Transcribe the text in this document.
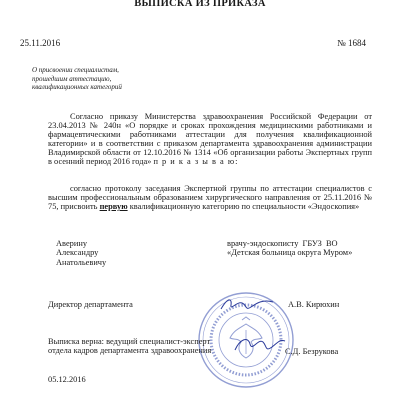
ВЫПИСКА ИЗ ПРИКАЗА
25.11.2016	№ 1684
О присвоении специалистам,
прошедшим аттестацию,
квалификационных категорий
Согласно приказу Министерства здравоохранения Российской Федерации от 23.04.2013 № 240н «О порядке и сроках прохождения медицинскими работниками и фармацевтическими работниками аттестации для получения квалификационной категории» и в соответствии с приказом департамента здравоохранения администрации Владимирской области от 12.10.2016 № 1314 «Об организации работы Экспертных групп в осенний период 2016 года» п р и к а з ы в а ю:
согласно протоколу заседания Экспертной группы по аттестации специалистов с высшим профессиональным образованием хирургического направления от 25.11.2016 № 75, присвоить первую квалификационную категорию по специальности «Эндоскопия»
Аверину
Александру
Анатольевичу
врачу-эндоскописту ГБУЗ ВО
«Детская больница округа Муром»
Директор департамента	А.В. Кирюхин
Выписка верна: ведущий специалист-эксперт
отдела кадров департамента здравоохранения	С.Д. Безрукова
05.12.2016
